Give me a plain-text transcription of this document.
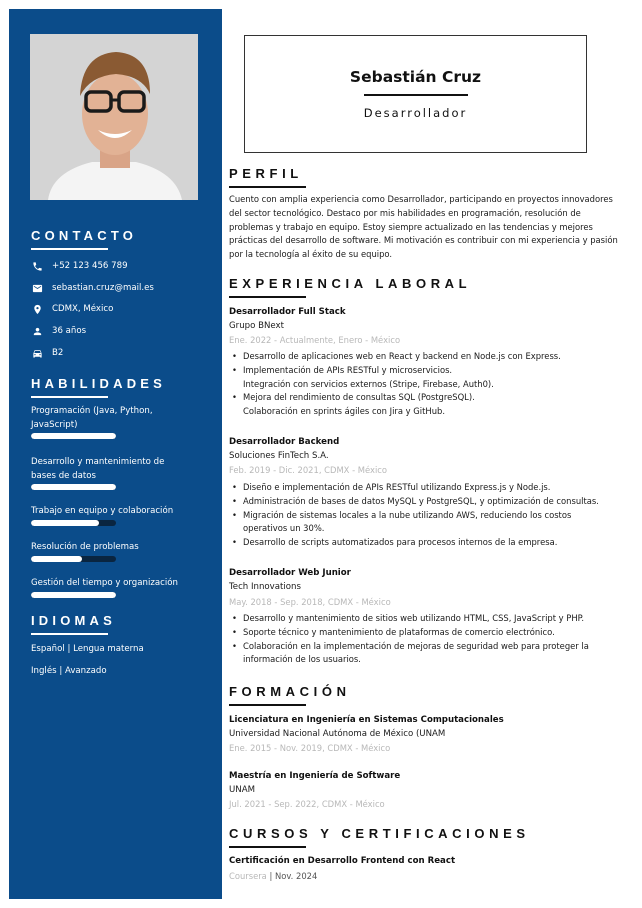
CONTACTO
+52 123 456 789
sebastian.cruz@mail.es
CDMX, México
36 años
B2
HABILIDADES
Programación (Java, Python,
JavaScript)
Desarrollo y mantenimiento de
bases de datos
Trabajo en equipo y colaboración
Resolución de problemas
Gestión del tiempo y organización
IDIOMAS
Español | Lengua materna
Inglés | Avanzado
Sebastián Cruz
Desarrollador
PERFIL
Cuento con amplia experiencia como Desarrollador, participando en proyectos innovadores
del sector tecnológico. Destaco por mis habilidades en programación, resolución de
problemas y trabajo en equipo. Estoy siempre actualizado en las tendencias y mejores
prácticas del desarrollo de software. Mi motivación es contribuir con mi experiencia y pasión
por la tecnología al éxito de su equipo.
EXPERIENCIA LABORAL
Desarrollador Full Stack
Grupo BNext
Ene. 2022 - Actualmente, Enero - México
• Desarrollo de aplicaciones web en React y backend en Node.js con Express.
• Implementación de APIs RESTful y microservicios.
Integración con servicios externos (Stripe, Firebase, Auth0).
• Mejora del rendimiento de consultas SQL (PostgreSQL).
Colaboración en sprints ágiles con Jira y GitHub.
Desarrollador Backend
Soluciones FinTech S.A.
Feb. 2019 - Dic. 2021, CDMX - México
• Diseño e implementación de APIs RESTful utilizando Express.js y Node.js.
• Administración de bases de datos MySQL y PostgreSQL, y optimización de consultas.
• Migración de sistemas locales a la nube utilizando AWS, reduciendo los costos
operativos un 30%.
• Desarrollo de scripts automatizados para procesos internos de la empresa.
Desarrollador Web Junior
Tech Innovations
May. 2018 - Sep. 2018, CDMX - México
• Desarrollo y mantenimiento de sitios web utilizando HTML, CSS, JavaScript y PHP.
• Soporte técnico y mantenimiento de plataformas de comercio electrónico.
• Colaboración en la implementación de mejoras de seguridad web para proteger la
información de los usuarios.
FORMACIÓN
Licenciatura en Ingeniería en Sistemas Computacionales
Universidad Nacional Autónoma de México (UNAM
Ene. 2015 - Nov. 2019, CDMX - México
Maestría en Ingeniería de Software
UNAM
Jul. 2021 - Sep. 2022, CDMX - México
CURSOS Y CERTIFICACIONES
Certificación en Desarrollo Frontend con React
Coursera | Nov. 2024
